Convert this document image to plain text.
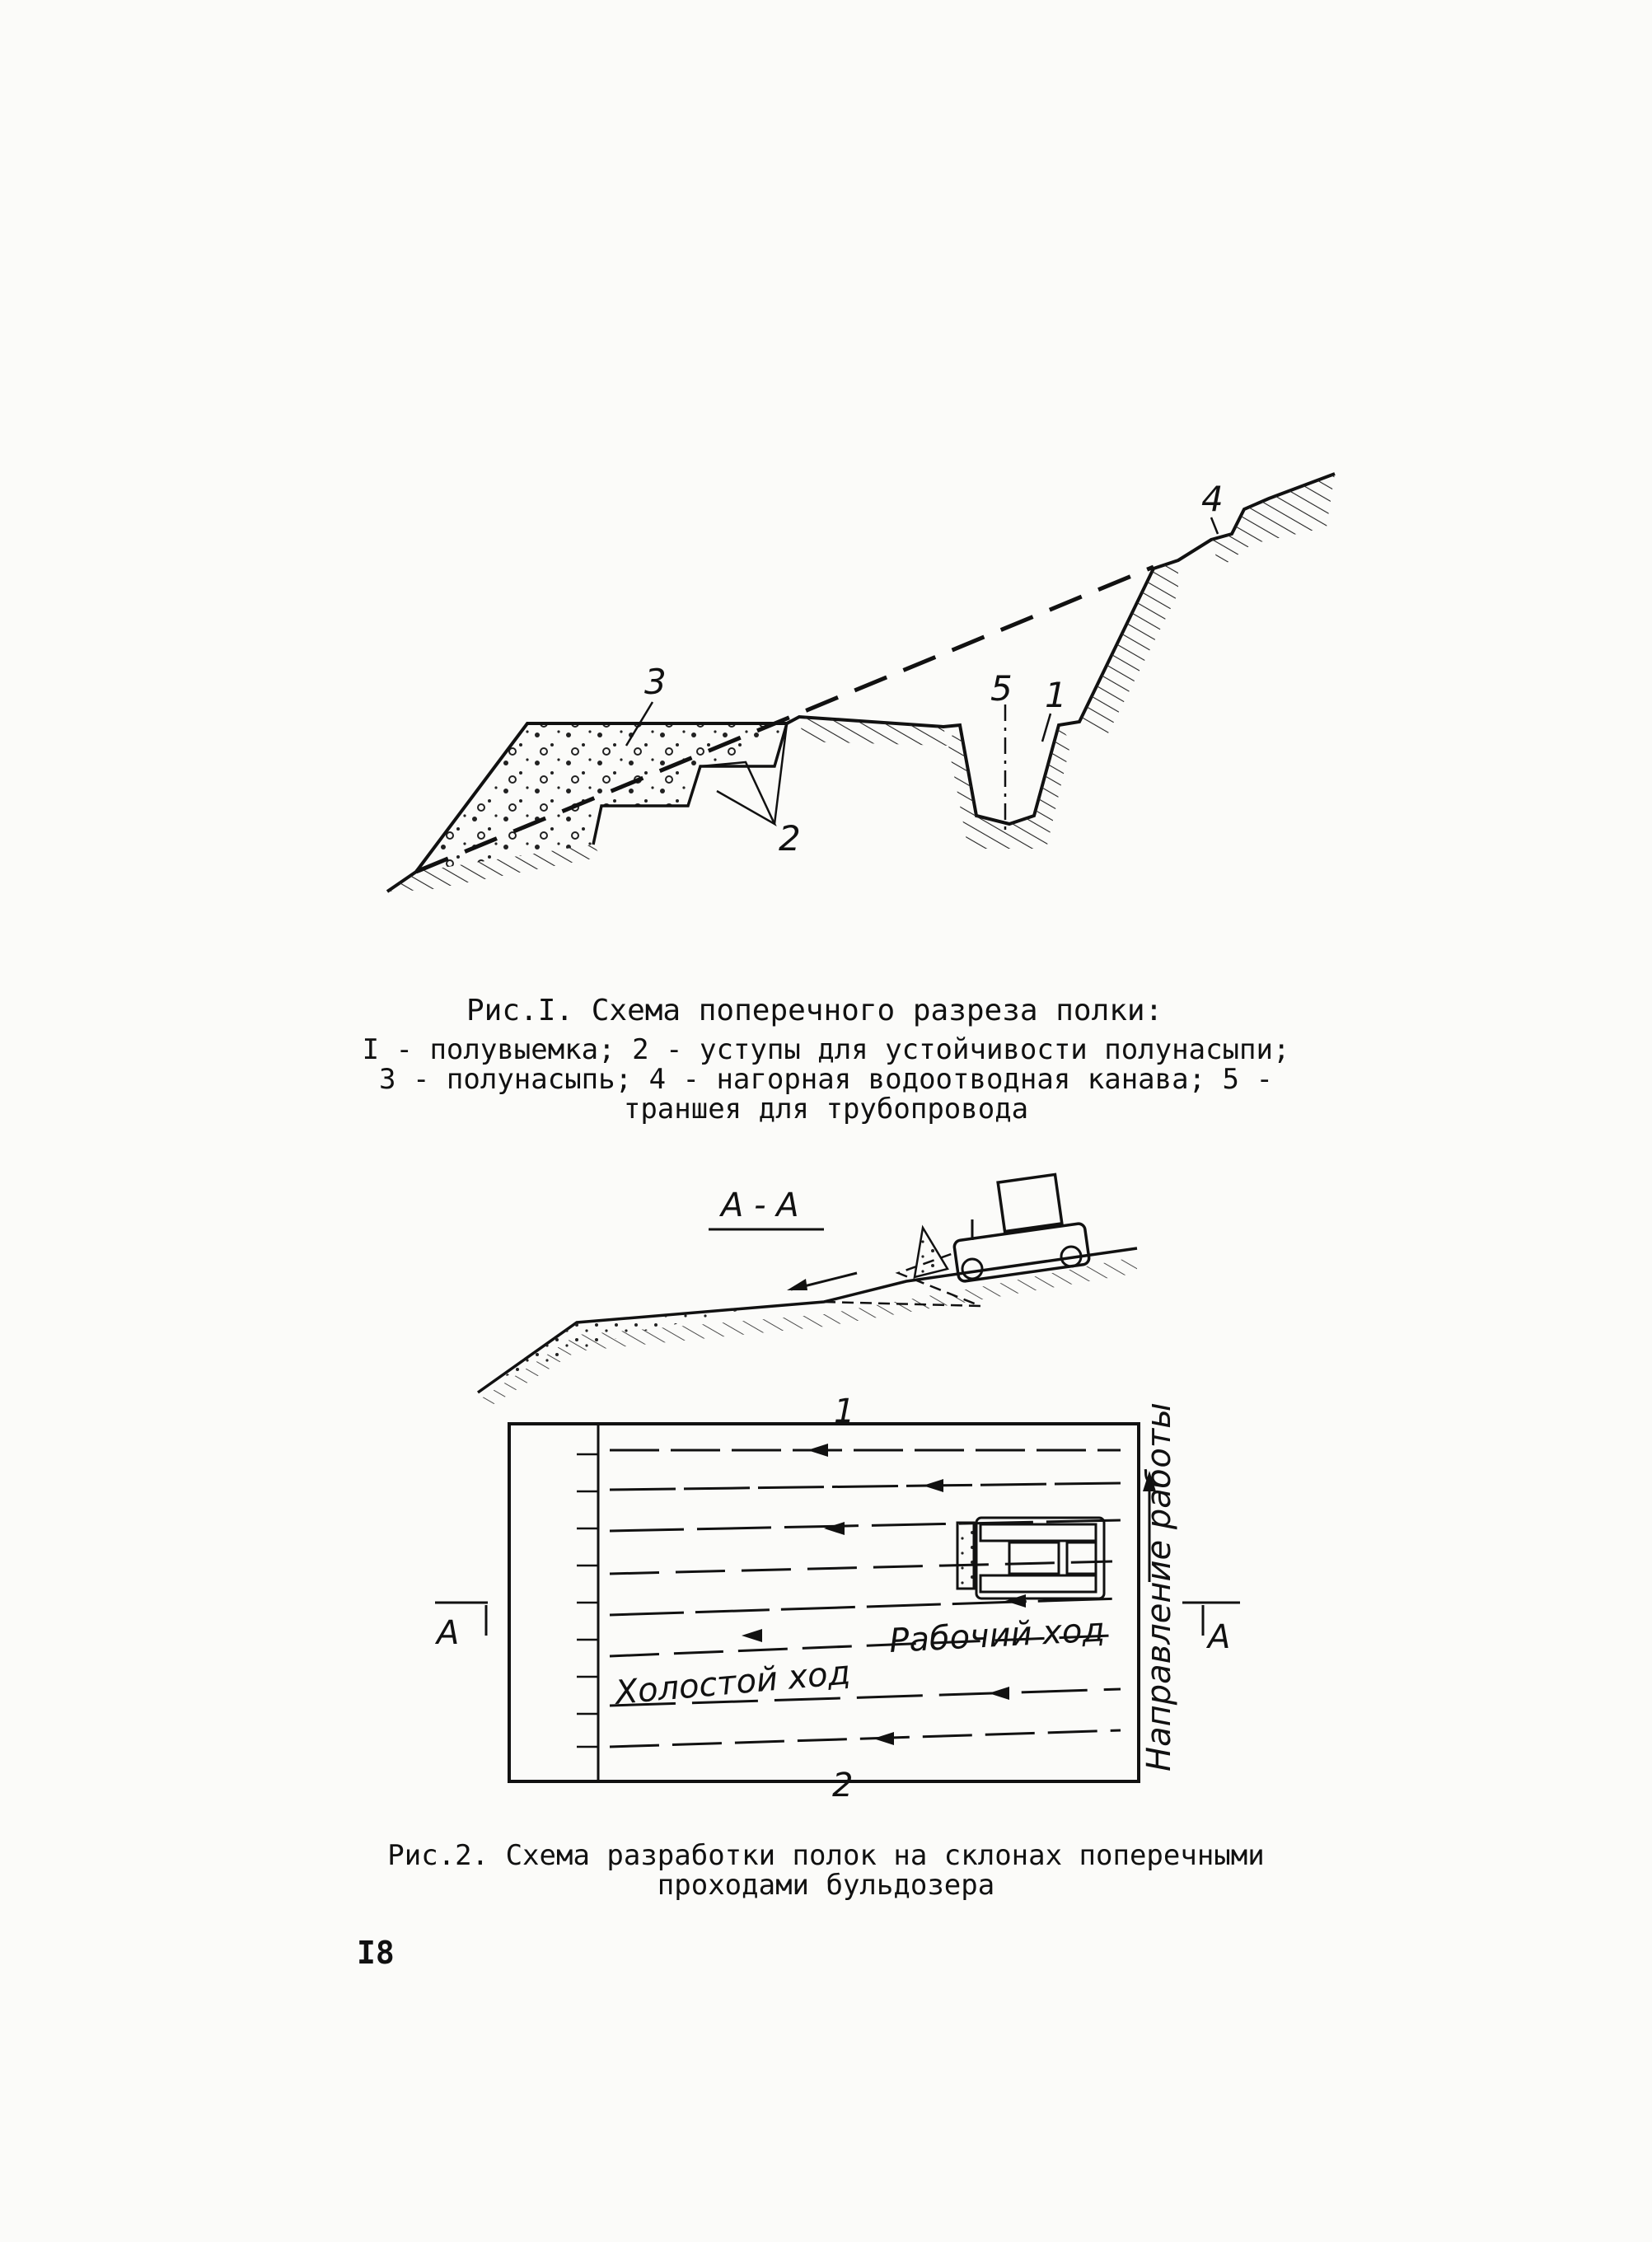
3	5 1
4
2
Рис.I. Схема поперечного разреза полки:
I - полувыемка; 2 - уступы для устойчивости полунасыпи;
3 - полунасыпь; 4 - нагорная водоотводная канава; 5 -
траншея для трубопровода
А - А
Направление работы
Рабочий ход
Холостой ход
1
2
А	А
Рис.2. Схема разработки полок на склонах поперечными
проходами бульдозера
I8
